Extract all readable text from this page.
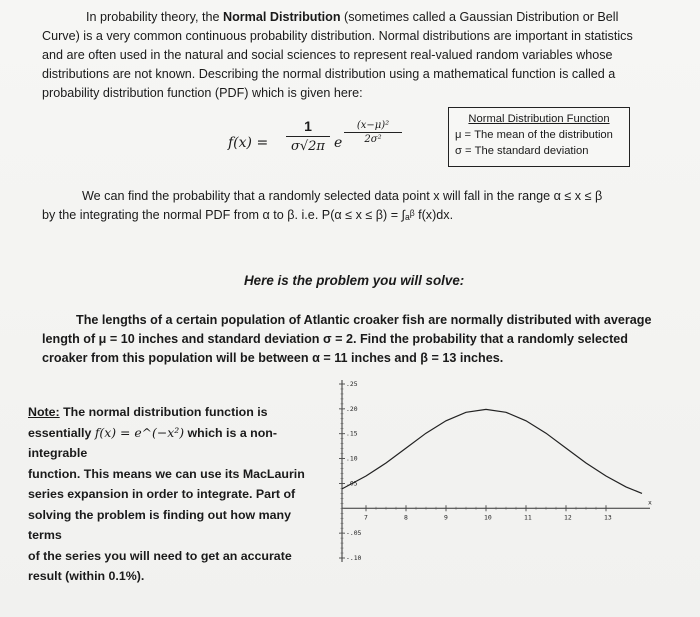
In probability theory, the Normal Distribution (sometimes called a Gaussian Distribution or Bell Curve) is a very common continuous probability distribution. Normal distributions are important in statistics and are often used in the natural and social sciences to represent real-valued random variables whose distributions are not known. Describing the normal distribution using a mathematical function is called a probability distribution function (PDF) which is given here:
f(x) =
1
σ√2π e
(x−μ)²
2σ²
Normal Distribution Function
μ = The mean of the distribution
σ = The standard deviation
We can find the probability that a randomly selected data point x will fall in the range α ≤ x ≤ β
by the integrating the normal PDF from α to β. i.e. P(α ≤ x ≤ β) = ∫ₐᵝ f(x)dx.
Here is the problem you will solve:
The lengths of a certain population of Atlantic croaker fish are normally distributed with average length of μ = 10 inches and standard deviation σ = 2. Find the probability that a randomly selected croaker from this population will be between α = 11 inches and β = 13 inches.
Note: The normal distribution function is
essentially f(x) = e^(−x²) which is a non-integrable
function. This means we can use its MacLaurin
series expansion in order to integrate. Part of
solving the problem is finding out how many terms
of the series you will need to get an accurate
result (within 0.1%).
.25
.20
.15
.10
.05
-.05
-.10
7	8	9	10	11	12	13
x
